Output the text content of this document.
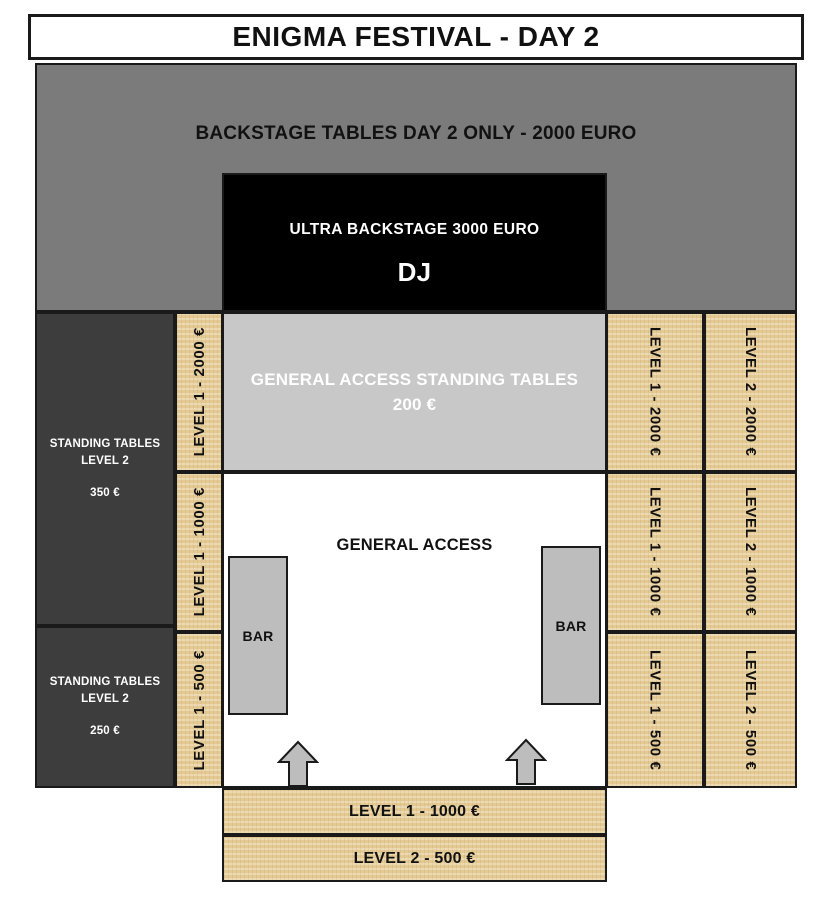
ENIGMA FESTIVAL - DAY 2
BACKSTAGE TABLES DAY 2 ONLY - 2000 EURO
ULTRA BACKSTAGE 3000 EURO
DJ
STANDING TABLES
LEVEL 2
350 €
STANDING TABLES
LEVEL 2
250 €
LEVEL 1 - 2000 €
LEVEL 1 - 1000 €
LEVEL 1 - 500 €
LEVEL 1 - 2000 €
LEVEL 1 - 1000 €
LEVEL 1 - 500 €
LEVEL 2 - 2000 €
LEVEL 2 - 1000 €
LEVEL 2 - 500 €
GENERAL ACCESS STANDING TABLES
200 €
GENERAL ACCESS
BAR
BAR
LEVEL 1 - 1000 €
LEVEL 2 - 500 €
